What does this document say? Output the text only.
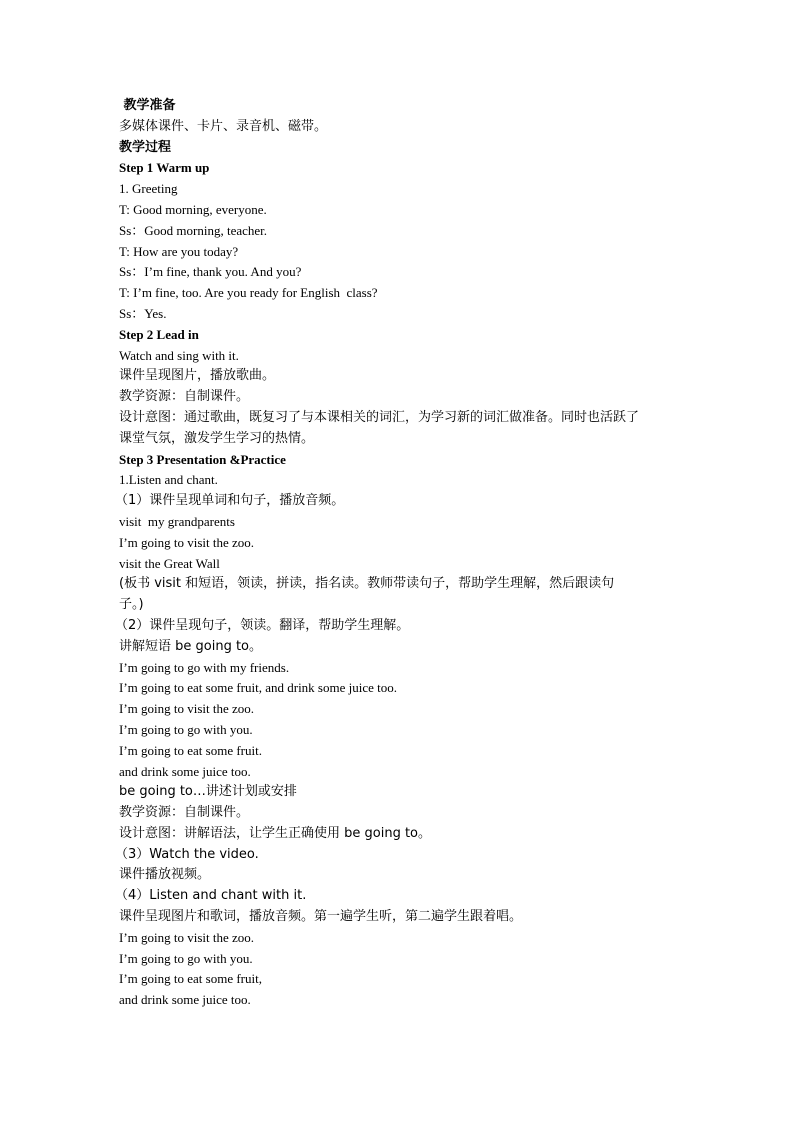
教学准备

多媒体课件、卡片、录音机、磁带。

教学过程

Step 1 Warm up

1. Greeting

T: Good morning, everyone.

Ss：Good morning, teacher.

T: How are you today?

Ss：I’m fine, thank you. And you?

T: I’m fine, too. Are you ready for English  class?

Ss：Yes.

Step 2 Lead in

Watch and sing with it.

课件呈现图片，播放歌曲。

教学资源：自制课件。

设计意图：通过歌曲，既复习了与本课相关的词汇，为学习新的词汇做准备。同时也活跃了

课堂气氛，激发学生学习的热情。

Step 3 Presentation &Practice

1.Listen and chant.

（1）课件呈现单词和句子，播放音频。

visit  my grandparents

I’m going to visit the zoo.

visit the Great Wall

(板书 visit 和短语，领读，拼读，指名读。教师带读句子，帮助学生理解，然后跟读句

子。)

（2）课件呈现句子，领读。翻译，帮助学生理解。

讲解短语 be going to。

I’m going to go with my friends.

I’m going to eat some fruit, and drink some juice too.

I’m going to visit the zoo.

I’m going to go with you.

I’m going to eat some fruit.

and drink some juice too.

be going to…讲述计划或安排

教学资源：自制课件。

设计意图：讲解语法，让学生正确使用 be going to。

（3）Watch the video.

课件播放视频。

（4）Listen and chant with it.

课件呈现图片和歌词，播放音频。第一遍学生听，第二遍学生跟着唱。

I’m going to visit the zoo.

I’m going to go with you.

I’m going to eat some fruit,

and drink some juice too.
